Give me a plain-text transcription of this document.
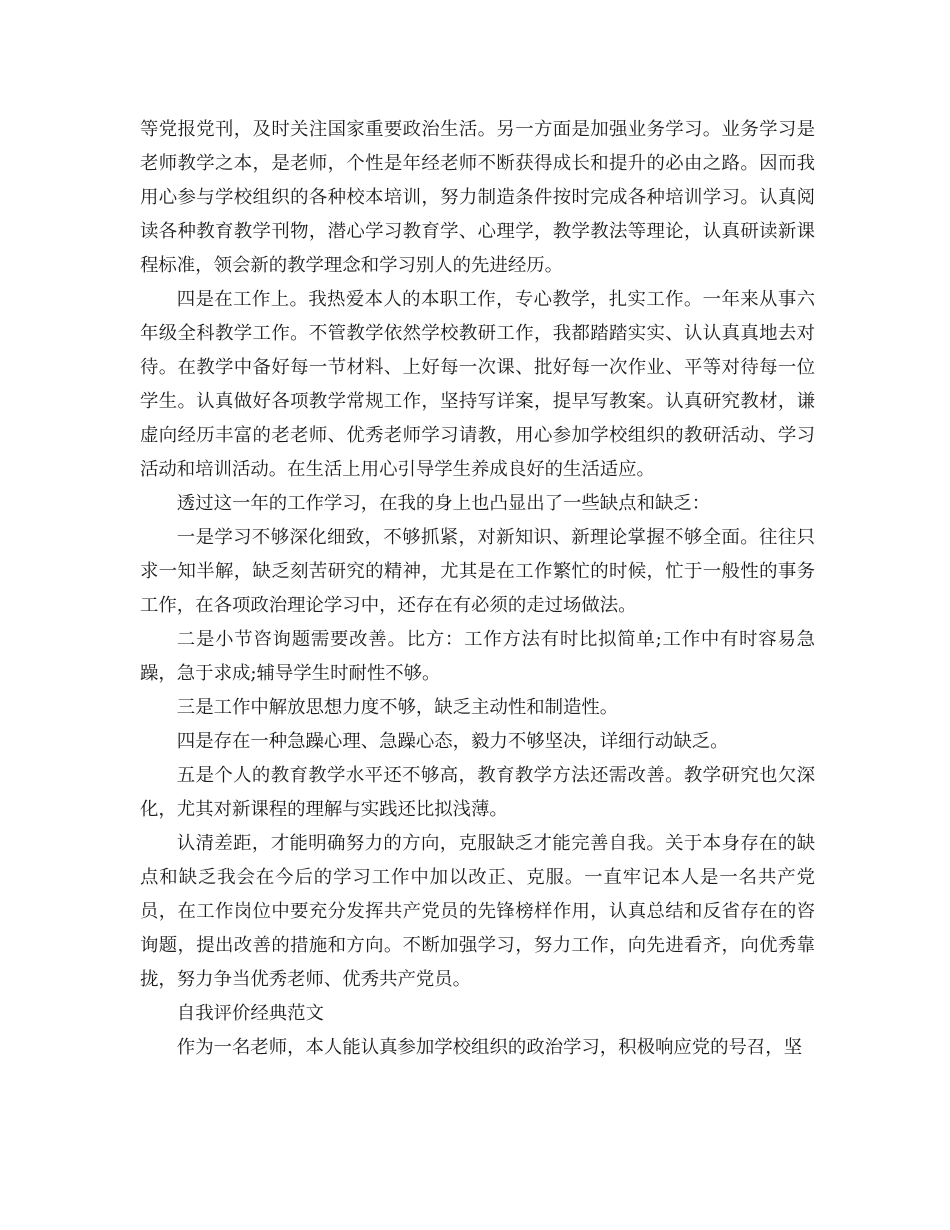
等党报党刊，及时关注国家重要政治生活。另一方面是加强业务学习。业务学习是老师教学之本，是老师，个性是年经老师不断获得成长和提升的必由之路。因而我用心参与学校组织的各种校本培训，努力制造条件按时完成各种培训学习。认真阅读各种教育教学刊物，潜心学习教育学、心理学，教学教法等理论，认真研读新课程标准，领会新的教学理念和学习别人的先进经历。

四是在工作上。我热爱本人的本职工作，专心教学，扎实工作。一年来从事六年级全科教学工作。不管教学依然学校教研工作，我都踏踏实实、认认真真地去对待。在教学中备好每一节材料、上好每一次课、批好每一次作业、平等对待每一位学生。认真做好各项教学常规工作，坚持写详案，提早写教案。认真研究教材，谦虚向经历丰富的老老师、优秀老师学习请教，用心参加学校组织的教研活动、学习活动和培训活动。在生活上用心引导学生养成良好的生活适应。

透过这一年的工作学习，在我的身上也凸显出了一些缺点和缺乏：

一是学习不够深化细致，不够抓紧，对新知识、新理论掌握不够全面。往往只求一知半解，缺乏刻苦研究的精神，尤其是在工作繁忙的时候，忙于一般性的事务工作，在各项政治理论学习中，还存在有必须的走过场做法。

二是小节咨询题需要改善。比方：工作方法有时比拟简单;工作中有时容易急躁，急于求成;辅导学生时耐性不够。

三是工作中解放思想力度不够，缺乏主动性和制造性。

四是存在一种急躁心理、急躁心态，毅力不够坚决，详细行动缺乏。

五是个人的教育教学水平还不够高，教育教学方法还需改善。教学研究也欠深化，尤其对新课程的理解与实践还比拟浅薄。

认清差距，才能明确努力的方向，克服缺乏才能完善自我。关于本身存在的缺点和缺乏我会在今后的学习工作中加以改正、克服。一直牢记本人是一名共产党员，在工作岗位中要充分发挥共产党员的先锋榜样作用，认真总结和反省存在的咨询题，提出改善的措施和方向。不断加强学习，努力工作，向先进看齐，向优秀靠拢，努力争当优秀老师、优秀共产党员。

自我评价经典范文

作为一名老师，本人能认真参加学校组织的政治学习，积极响应党的号召，坚
